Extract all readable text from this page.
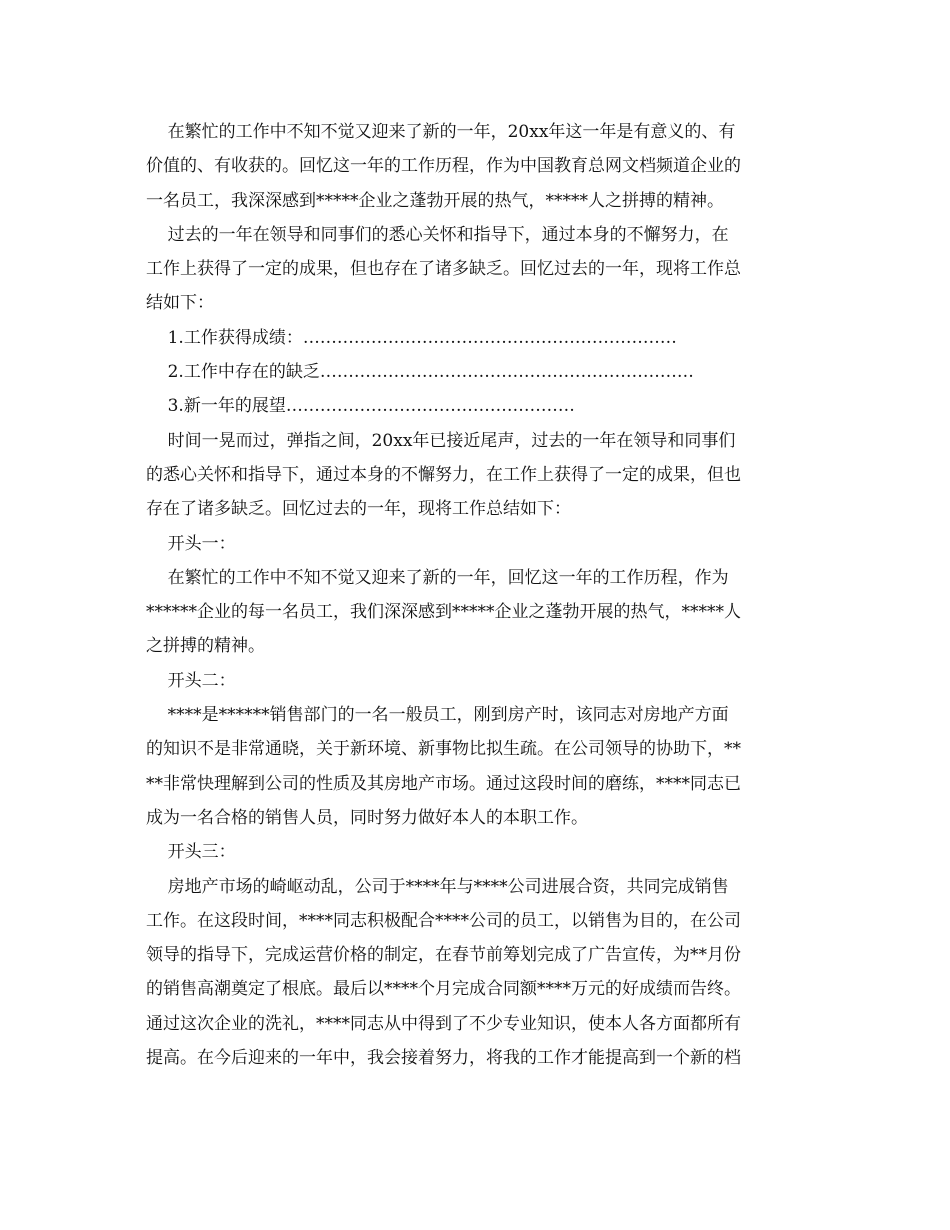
在繁忙的工作中不知不觉又迎来了新的一年，20xx年这一年是有意义的、有
价值的、有收获的。回忆这一年的工作历程，作为中国教育总网文档频道企业的
一名员工，我深深感到*****企业之蓬勃开展的热气，*****人之拼搏的精神。
过去的一年在领导和同事们的悉心关怀和指导下，通过本身的不懈努力，在
工作上获得了一定的成果，但也存在了诸多缺乏。回忆过去的一年，现将工作总
结如下：
1.工作获得成绩：…………………………………………………………
2.工作中存在的缺乏…………………………………………………………
3.新一年的展望……………………………………………
时间一晃而过，弹指之间，20xx年已接近尾声，过去的一年在领导和同事们
的悉心关怀和指导下，通过本身的不懈努力，在工作上获得了一定的成果，但也
存在了诸多缺乏。回忆过去的一年，现将工作总结如下：
开头一：
在繁忙的工作中不知不觉又迎来了新的一年，回忆这一年的工作历程，作为
******企业的每一名员工，我们深深感到*****企业之蓬勃开展的热气，*****人
之拼搏的精神。
开头二：
****是******销售部门的一名一般员工，刚到房产时，该同志对房地产方面
的知识不是非常通晓，关于新环境、新事物比拟生疏。在公司领导的协助下，**
**非常快理解到公司的性质及其房地产市场。通过这段时间的磨练，****同志已
成为一名合格的销售人员，同时努力做好本人的本职工作。
开头三：
房地产市场的崎岖动乱，公司于****年与****公司进展合资，共同完成销售
工作。在这段时间，****同志积极配合****公司的员工，以销售为目的，在公司
领导的指导下，完成运营价格的制定，在春节前筹划完成了广告宣传，为**月份
的销售高潮奠定了根底。最后以****个月完成合同额****万元的好成绩而告终。
通过这次企业的洗礼，****同志从中得到了不少专业知识，使本人各方面都所有
提高。在今后迎来的一年中，我会接着努力，将我的工作才能提高到一个新的档
